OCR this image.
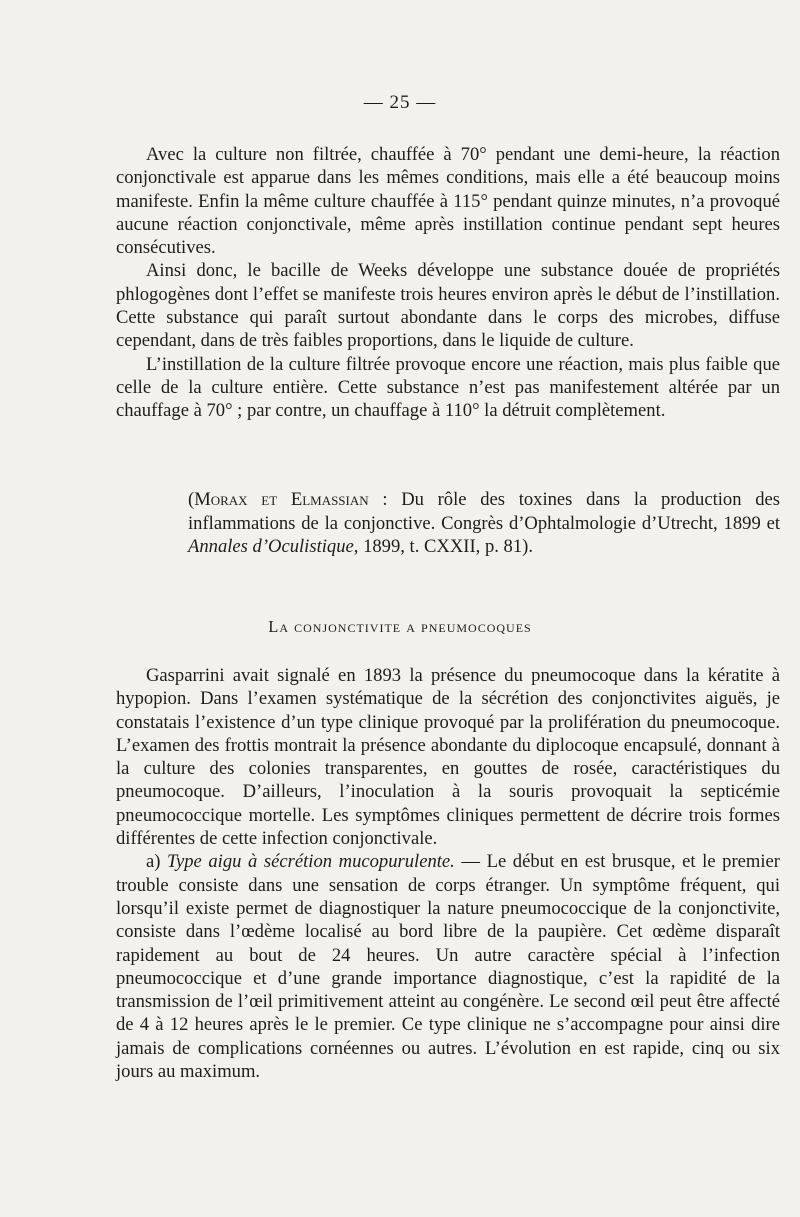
— 25 —

Avec la culture non filtrée, chauffée à 70° pendant une demi-heure, la réaction conjonctivale est apparue dans les mêmes conditions, mais elle a été beaucoup moins manifeste. Enfin la même culture chauffée à 115° pendant quinze minutes, n’a provoqué aucune réaction conjonctivale, même après instillation continue pendant sept heures consécutives.

Ainsi donc, le bacille de Weeks développe une substance douée de propriétés phlogogènes dont l’effet se manifeste trois heures environ après le début de l’instillation. Cette substance qui paraît surtout abondante dans le corps des microbes, diffuse cependant, dans de très faibles proportions, dans le liquide de culture.

L’instillation de la culture filtrée provoque encore une réaction, mais plus faible que celle de la culture entière. Cette substance n’est pas manifestement altérée par un chauffage à 70° ; par contre, un chauffage à 110° la détruit complètement.

(Morax et Elmassian : Du rôle des toxines dans la production des inflammations de la conjonctive. Congrès d’Ophtalmologie d’Utrecht, 1899 et Annales d’Oculistique, 1899, t. CXXII, p. 81).

La conjonctivite a pneumocoques

Gasparrini avait signalé en 1893 la présence du pneumocoque dans la kératite à hypopion. Dans l’examen systématique de la sécrétion des conjonctivites aiguës, je constatais l’existence d’un type clinique provoqué par la prolifération du pneumocoque. L’examen des frottis montrait la présence abondante du diplocoque encapsulé, donnant à la culture des colonies transparentes, en gouttes de rosée, caractéristiques du pneumocoque. D’ailleurs, l’inoculation à la souris provoquait la septicémie pneumococcique mortelle. Les symptômes cliniques permettent de décrire trois formes différentes de cette infection conjonctivale.

a) Type aigu à sécrétion mucopurulente. — Le début en est brusque, et le premier trouble consiste dans une sensation de corps étranger. Un symptôme fréquent, qui lorsqu’il existe permet de diagnostiquer la nature pneumococcique de la conjonctivite, consiste dans l’œdème localisé au bord libre de la paupière. Cet œdème disparaît rapidement au bout de 24 heures. Un autre caractère spécial à l’infection pneumococcique et d’une grande importance diagnostique, c’est la rapidité de la transmission de l’œil primitivement atteint au congénère. Le second œil peut être affecté de 4 à 12 heures après le le premier. Ce type clinique ne s’accompagne pour ainsi dire jamais de complications cornéennes ou autres. L’évolution en est rapide, cinq ou six jours au maximum.
